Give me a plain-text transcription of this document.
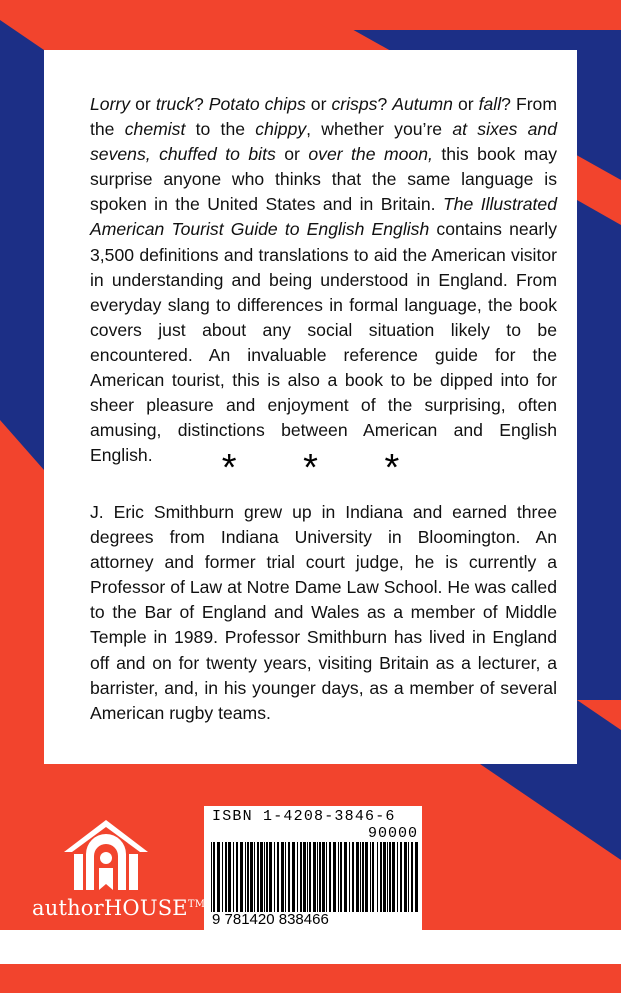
Lorry or truck? Potato chips or crisps? Autumn or fall? From the chemist to the chippy, whether you’re at sixes and sevens, chuffed to bits or over the moon, this book may surprise anyone who thinks that the same language is spoken in the United States and in Britain. The Illustrated American Tourist Guide to English English contains nearly 3,500 definitions and translations to aid the American visitor in understanding and being understood in England. From everyday slang to differences in formal language, the book covers just about any social situation likely to be encountered. An invaluable reference guide for the American tourist, this is also a book to be dipped into for sheer pleasure and enjoyment of the surprising, often amusing, distinctions between American and English English.	* * *

J. Eric Smithburn grew up in Indiana and earned three degrees from Indiana University in Bloomington. An attorney and former trial court judge, he is currently a Professor of Law at Notre Dame Law School. He was called to the Bar of England and Wales as a member of Middle Temple in 1989. Professor Smithburn has lived in England off and on for twenty years, visiting Britain as a lecturer, a barrister, and, in his younger days, as a member of several American rugby teams.

ISBN 1-4208-3846-6
90000
9 781420 838466
authorHOUSE™
